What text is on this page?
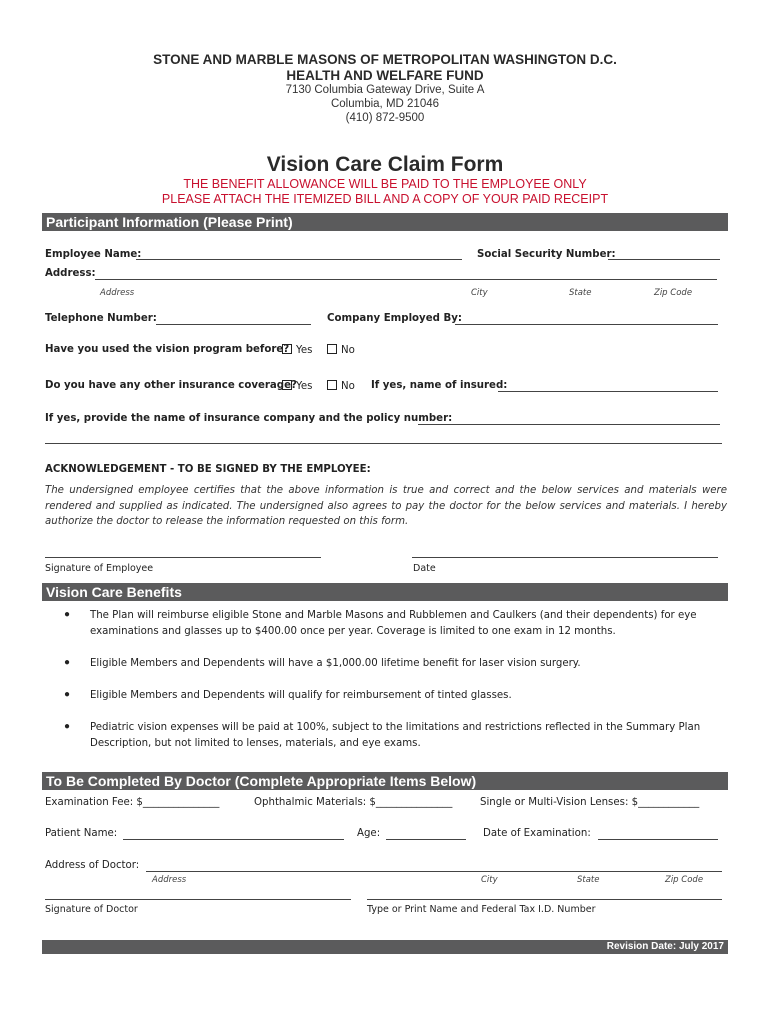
STONE AND MARBLE MASONS OF METROPOLITAN WASHINGTON D.C.
HEALTH AND WELFARE FUND
7130 Columbia Gateway Drive, Suite A
Columbia, MD 21046
(410) 872-9500
Vision Care Claim Form
THE BENEFIT ALLOWANCE WILL BE PAID TO THE EMPLOYEE ONLY
PLEASE ATTACH THE ITEMIZED BILL AND A COPY OF YOUR PAID RECEIPT
Participant Information (Please Print)
Employee Name:	Social Security Number:
Address:
Address	City	State	Zip Code
Telephone Number:	Company Employed By:
Have you used the vision program before? Yes	No
Do you have any other insurance coverage? Yes	No If yes, name of insured:
If yes, provide the name of insurance company and the policy number:
ACKNOWLEDGEMENT - TO BE SIGNED BY THE EMPLOYEE:
The undersigned employee certifies that the above information is true and correct and the below services and materials were rendered and supplied as indicated. The undersigned also agrees to pay the doctor for the below services and materials. I hereby authorize the doctor to release the information requested on this form.
Signature of Employee	Date
Vision Care Benefits
● The Plan will reimburse eligible Stone and Marble Masons and Rubblemen and Caulkers (and their dependents) for eye examinations and glasses up to $400.00 once per year. Coverage is limited to one exam in 12 months.
● Eligible Members and Dependents will have a $1,000.00 lifetime benefit for laser vision surgery.
● Eligible Members and Dependents will qualify for reimbursement of tinted glasses.
● Pediatric vision expenses will be paid at 100%, subject to the limitations and restrictions reflected in the Summary Plan Description, but not limited to lenses, materials, and eye exams.
To Be Completed By Doctor (Complete Appropriate Items Below)
Examination Fee: $_______________	Ophthalmic Materials: $_______________	Single or Multi-Vision Lenses: $____________
Patient Name:	Age:	Date of Examination:
Address of Doctor:
Address	City	State	Zip Code
Signature of Doctor	Type or Print Name and Federal Tax I.D. Number
Revision Date: July 2017
